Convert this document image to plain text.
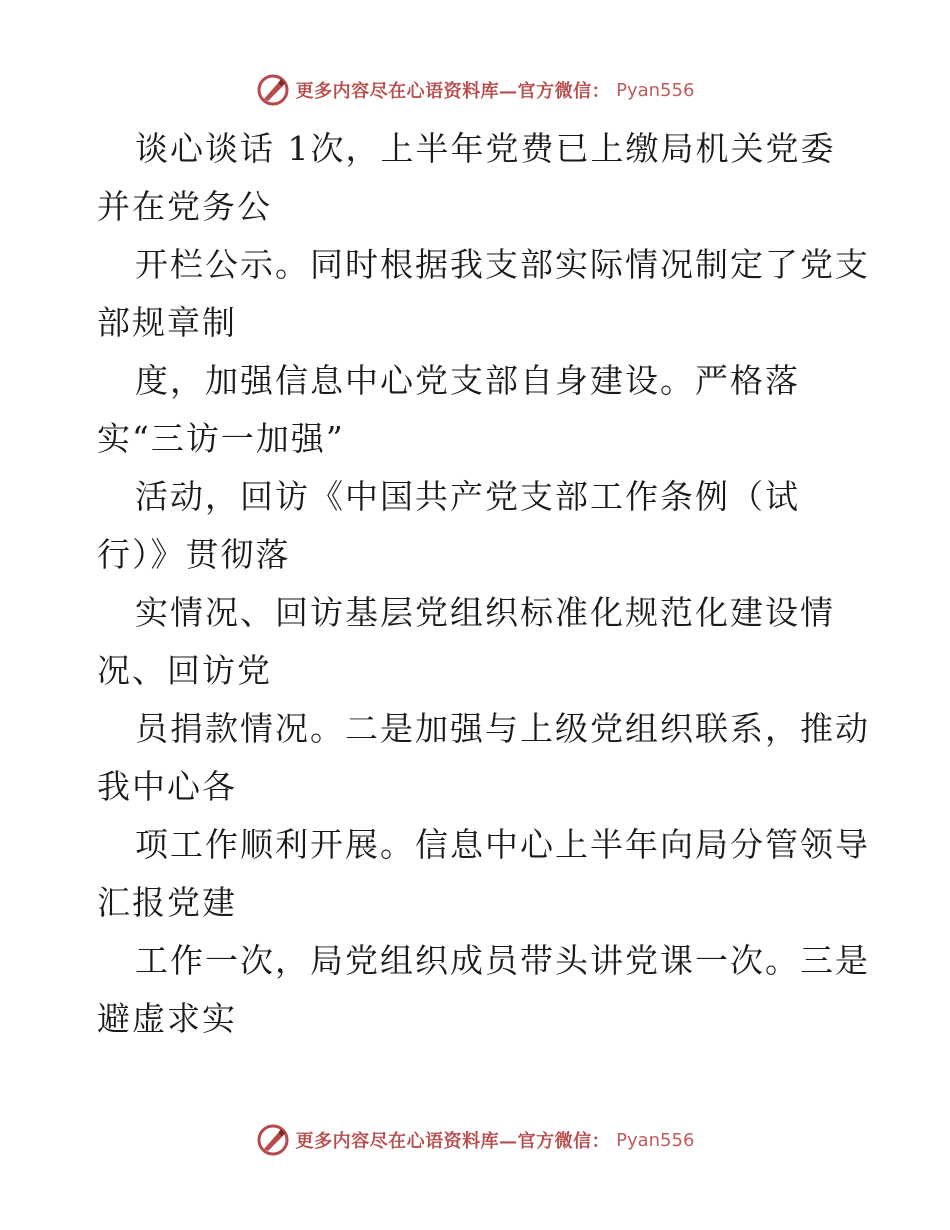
更多内容尽在心语资料库—官方微信： Pyan556
谈心谈话 1次，上半年党费已上缴局机关党委
并在党务公
开栏公示。同时根据我支部实际情况制定了党支
部规章制
度，加强信息中心党支部自身建设。严格落
实“三访一加强”
活动，回访《中国共产党支部工作条例（试
行）》贯彻落
实情况、回访基层党组织标准化规范化建设情
况、回访党
员捐款情况。二是加强与上级党组织联系，推动
我中心各
项工作顺利开展。信息中心上半年向局分管领导
汇报党建
工作一次，局党组织成员带头讲党课一次。三是
避虚求实
更多内容尽在心语资料库—官方微信： Pyan556
